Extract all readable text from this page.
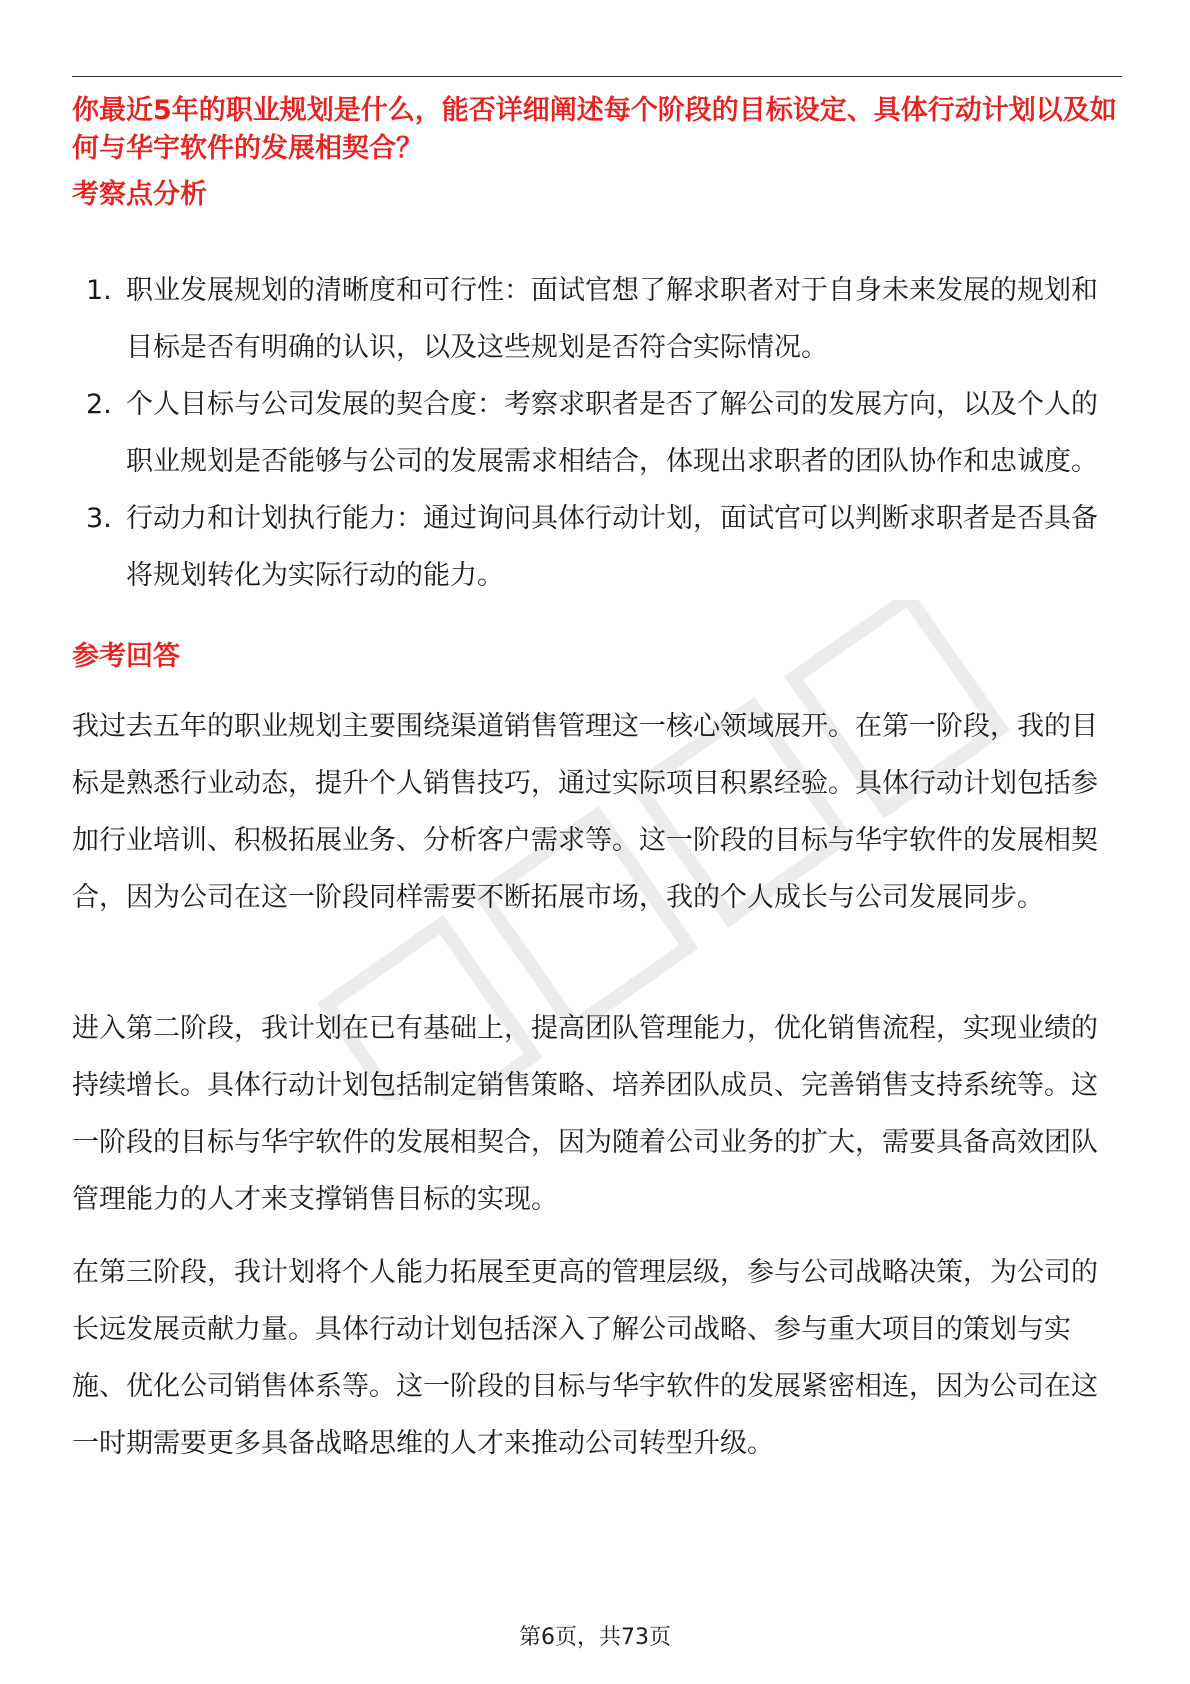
你最近5年的职业规划是什么，能否详细阐述每个阶段的目标设定、具体行动计划以及如何与华宇软件的发展相契合？
考察点分析
1. 职业发展规划的清晰度和可行性：面试官想了解求职者对于自身未来发展的规划和目标是否有明确的认识，以及这些规划是否符合实际情况。
2. 个人目标与公司发展的契合度：考察求职者是否了解公司的发展方向，以及个人的职业规划是否能够与公司的发展需求相结合，体现出求职者的团队协作和忠诚度。
3. 行动力和计划执行能力：通过询问具体行动计划，面试官可以判断求职者是否具备将规划转化为实际行动的能力。
参考回答

我过去五年的职业规划主要围绕渠道销售管理这一核心领域展开。在第一阶段，我的目标是熟悉行业动态，提升个人销售技巧，通过实际项目积累经验。具体行动计划包括参加行业培训、积极拓展业务、分析客户需求等。这一阶段的目标与华宇软件的发展相契合，因为公司在这一阶段同样需要不断拓展市场，我的个人成长与公司发展同步。

进入第二阶段，我计划在已有基础上，提高团队管理能力，优化销售流程，实现业绩的持续增长。具体行动计划包括制定销售策略、培养团队成员、完善销售支持系统等。这一阶段的目标与华宇软件的发展相契合，因为随着公司业务的扩大，需要具备高效团队管理能力的人才来支撑销售目标的实现。

在第三阶段，我计划将个人能力拓展至更高的管理层级，参与公司战略决策，为公司的长远发展贡献力量。具体行动计划包括深入了解公司战略、参与重大项目的策划与实施、优化公司销售体系等。这一阶段的目标与华宇软件的发展紧密相连，因为公司在这一时期需要更多具备战略思维的人才来推动公司转型升级。

第6页，共73页
